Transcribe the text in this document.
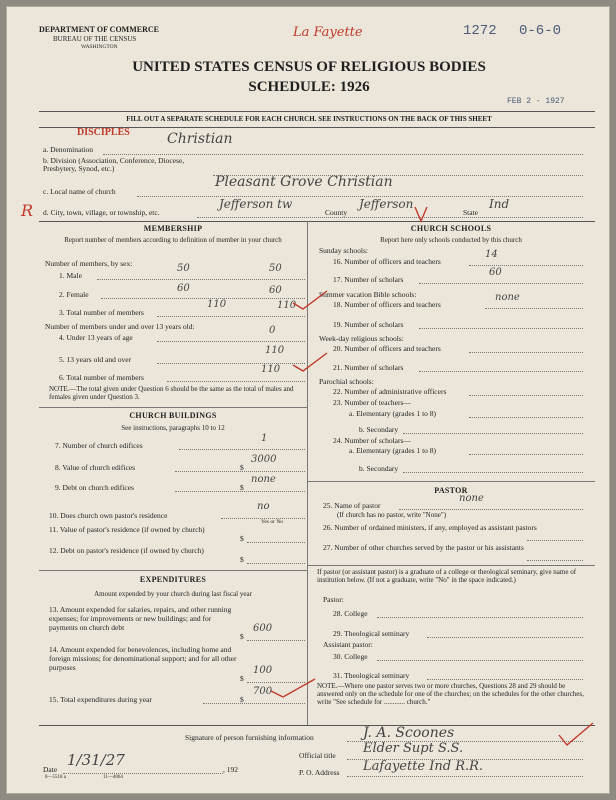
DEPARTMENT OF COMMERCE
BUREAU OF THE CENSUS
WASHINGTON
La Fayette	1272 0-6-0
UNITED STATES CENSUS OF RELIGIOUS BODIES
SCHEDULE: 1926
FEB 2 - 1927
FILL OUT A SEPARATE SCHEDULE FOR EACH CHURCH. SEE INSTRUCTIONS ON THE BACK OF THIS SHEET
a. Denomination
DISCIPLES	Christian
b. Division (Association, Conference, Diocese, Presbytery, Synod, etc.)
c. Local name of church
Pleasant Grove Christian
R d. City, town, village, or township, etc.
Jefferson tw
County
Jefferson
State
Ind
MEMBERSHIP
Report number of members according to definition of member in your church
Number of members, by sex:
1. Male
50	50
2. Female
60	60
3. Total number of members
110	110
Number of members under and over 13 years old:
4. Under 13 years of age
0
5. 13 years old and over
110
6. Total number of members
110
NOTE.—The total given under Question 6 should be the same as the total of males and females given under Question 3.
CHURCH BUILDINGS
See instructions, paragraphs 10 to 12
7. Number of church edifices
1
8. Value of church edifices	$
3000
9. Debt on church edifices	$
none
10. Does church own pastor's residence
no
Yes or No
11. Value of pastor's residence (if owned by church)
$
12. Debt on pastor's residence (if owned by church)
$
EXPENDITURES
Amount expended by your church during last fiscal year
13. Amount expended for salaries, repairs, and other running expenses; for improvements or new buildings; and for payments on church debt
$
600
14. Amount expended for benevolences, including home and foreign missions; for denominational support; and for all other purposes
$
100
15. Total expenditures during year	$
700
CHURCH SCHOOLS
Report here only schools conducted by this church
Sunday schools:
16. Number of officers and teachers
14
17. Number of scholars
60
Summer vacation Bible schools:
18. Number of officers and teachers
none
19. Number of scholars
Week-day religious schools:
20. Number of officers and teachers
21. Number of scholars
Parochial schools:
22. Number of administrative officers
23. Number of teachers—
a. Elementary (grades 1 to 8)
b. Secondary
24. Number of scholars—
a. Elementary (grades 1 to 8)
b. Secondary
PASTOR
25. Name of pastor
none
(If church has no pastor, write "None")
26. Number of ordained ministers, if any, employed as assistant pastors
27. Number of other churches served by the pastor or his assistants
If pastor (or assistant pastor) is a graduate of a college or theological seminary, give name of institution below. (If not a graduate, write "No" in the space indicated.)
Pastor:
28. College
29. Theological seminary
Assistant pastor:
30. College
31. Theological seminary
NOTE.—Where one pastor serves two or more churches, Questions 28 and 29 should be answered only on the schedule for one of the churches; on the schedules for the other churches, write "See schedule for ............ church."
Signature of person furnishing information	J. A. Scoones
Official title Elder Supt S.S.
Date
1/31/27
, 192
8—5518 a	11—4064
P. O. Address Lafayette Ind R.R.
